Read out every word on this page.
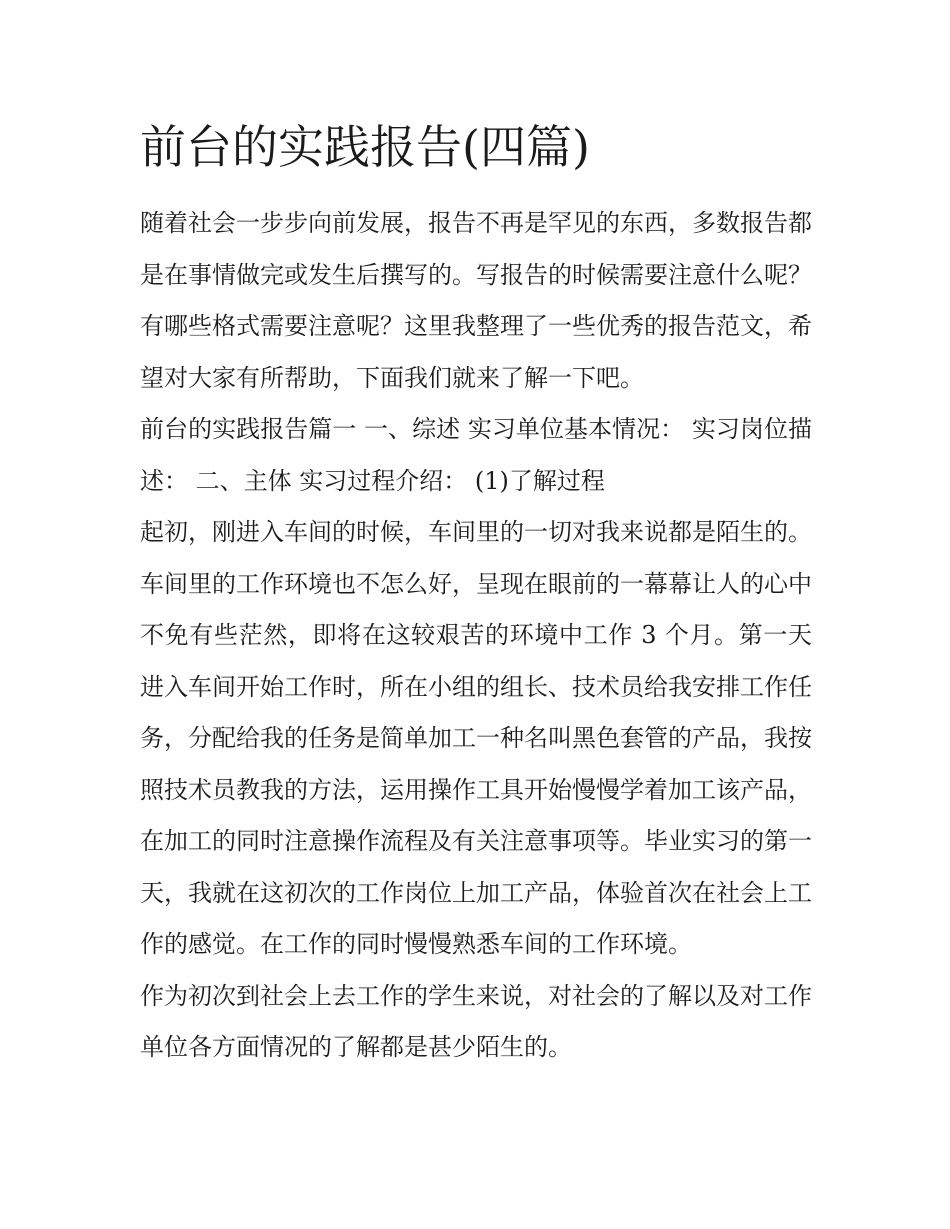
前台的实践报告(四篇)

随着社会一步步向前发展，报告不再是罕见的东西，多数报告都是在事情做完或发生后撰写的。写报告的时候需要注意什么呢？有哪些格式需要注意呢？这里我整理了一些优秀的报告范文，希望对大家有所帮助，下面我们就来了解一下吧。

前台的实践报告篇一 一、综述 实习单位基本情况： 实习岗位描述： 二、主体 实习过程介绍： (1)了解过程

起初，刚进入车间的时候，车间里的一切对我来说都是陌生的。车间里的工作环境也不怎么好，呈现在眼前的一幕幕让人的心中不免有些茫然，即将在这较艰苦的环境中工作 3 个月。第一天进入车间开始工作时，所在小组的组长、技术员给我安排工作任务，分配给我的任务是简单加工一种名叫黑色套管的产品，我按照技术员教我的方法，运用操作工具开始慢慢学着加工该产品，在加工的同时注意操作流程及有关注意事项等。毕业实习的第一天，我就在这初次的工作岗位上加工产品，体验首次在社会上工作的感觉。在工作的同时慢慢熟悉车间的工作环境。

作为初次到社会上去工作的学生来说，对社会的了解以及对工作单位各方面情况的了解都是甚少陌生的。
